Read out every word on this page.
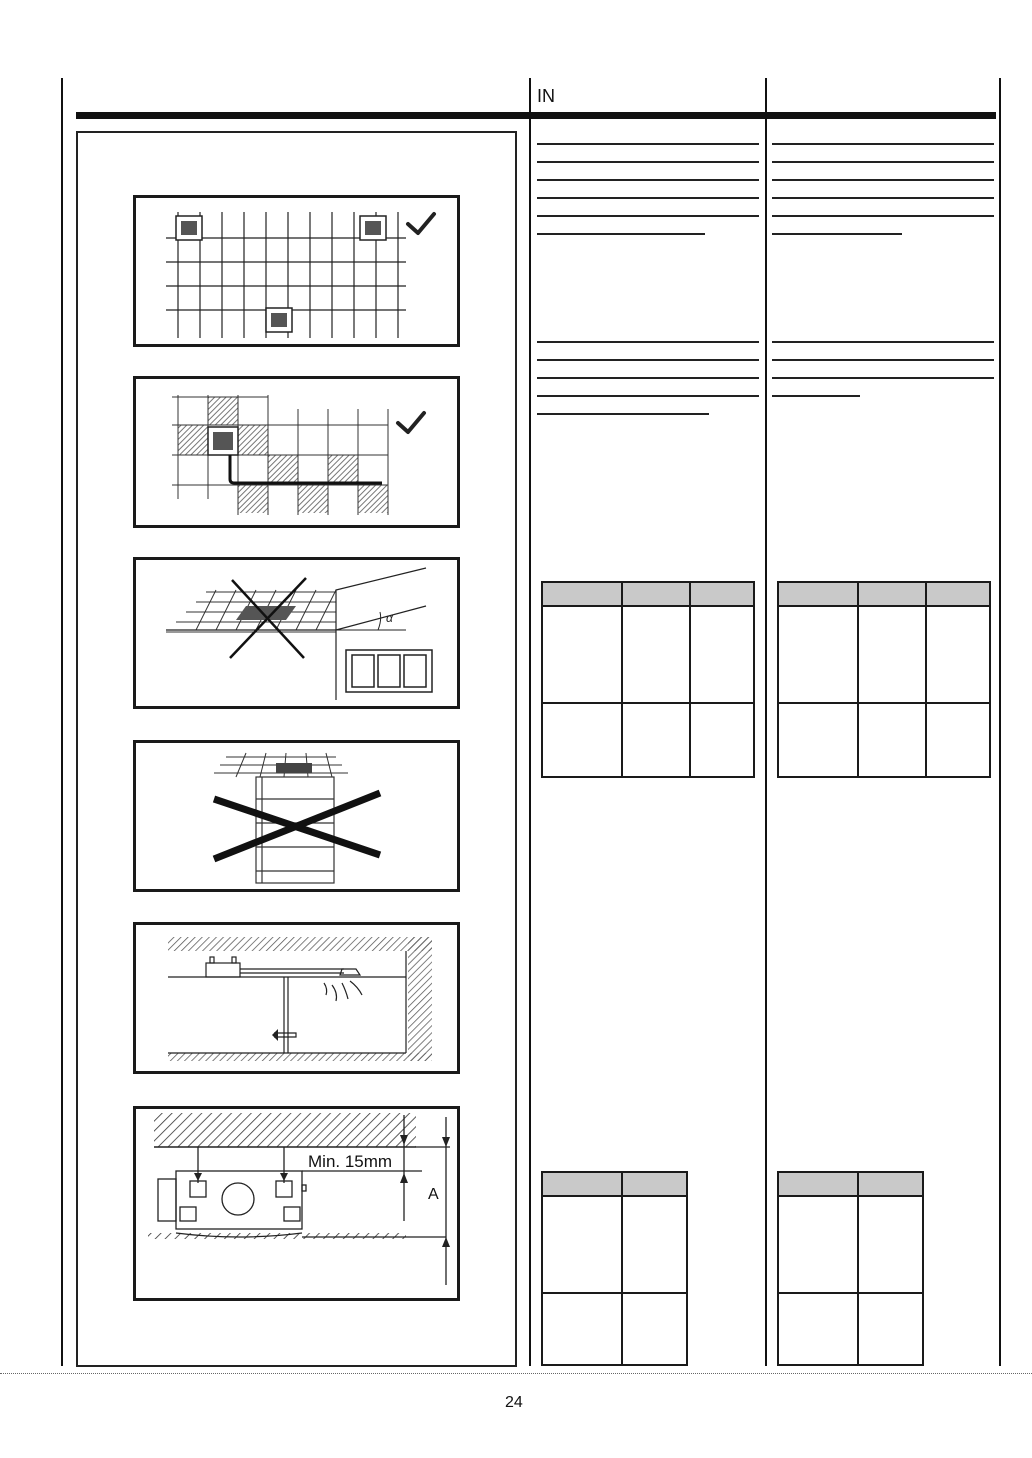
IN

α
Min. 15mm
A
24
